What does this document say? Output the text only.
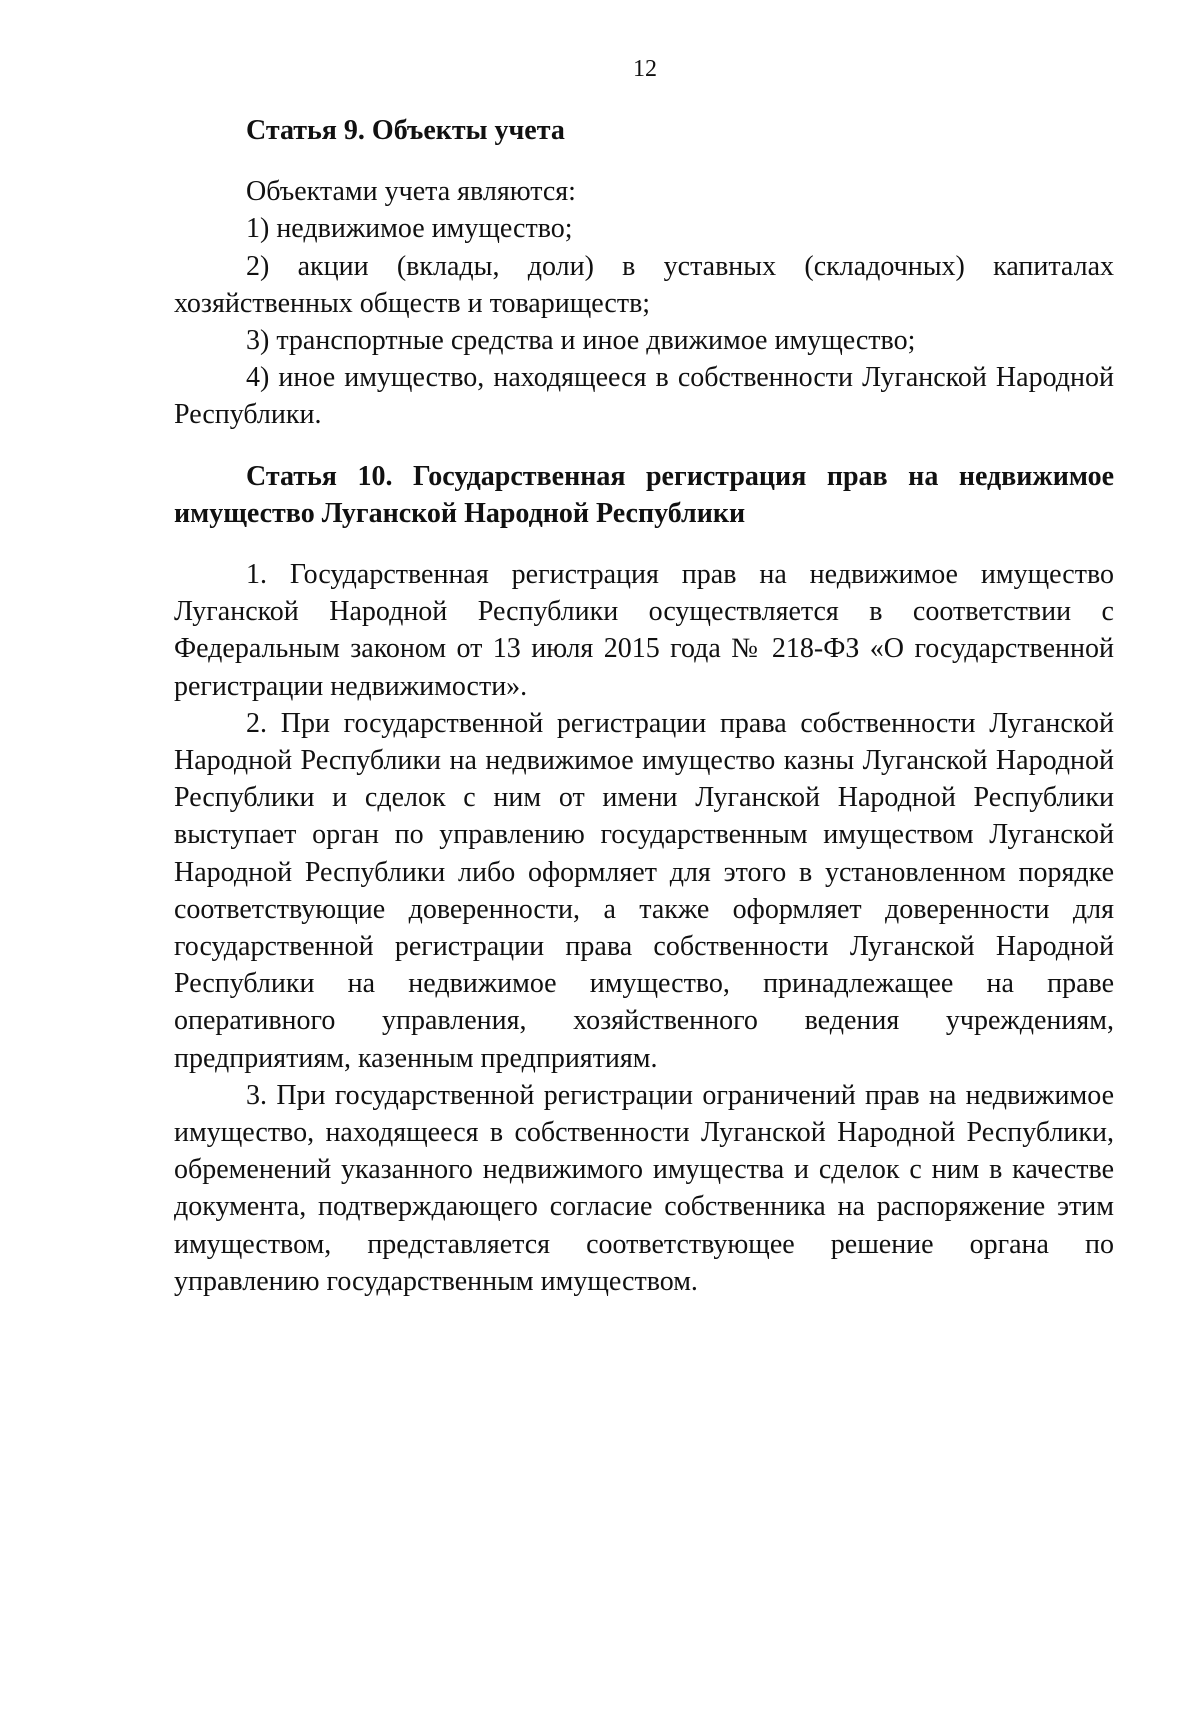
12

Статья 9. Объекты учета

Объектами учета являются:

1) недвижимое имущество;

2) акции (вклады, доли) в уставных (складочных) капиталах хозяйственных обществ и товариществ;

3) транспортные средства и иное движимое имущество;

4) иное имущество, находящееся в собственности Луганской Народной Республики.

Статья 10. Государственная регистрация прав на недвижимое имущество Луганской Народной Республики

1. Государственная регистрация прав на недвижимое имущество Луганской Народной Республики осуществляется в соответствии с Федеральным законом от 13 июля 2015 года № 218-ФЗ «О государственной регистрации недвижимости».

2. При государственной регистрации права собственности Луганской Народной Республики на недвижимое имущество казны Луганской Народной Республики и сделок с ним от имени Луганской Народной Республики выступает орган по управлению государственным имуществом Луганской Народной Республики либо оформляет для этого в установленном порядке соответствующие доверенности, а также оформляет доверенности для государственной регистрации права собственности Луганской Народной Республики на недвижимое имущество, принадлежащее на праве оперативного управления, хозяйственного ведения учреждениям, предприятиям, казенным предприятиям.

3. При государственной регистрации ограничений прав на недвижимое имущество, находящееся в собственности Луганской Народной Республики, обременений указанного недвижимого имущества и сделок с ним в качестве документа, подтверждающего согласие собственника на распоряжение этим имуществом, представляется соответствующее решение органа по управлению государственным имуществом.
